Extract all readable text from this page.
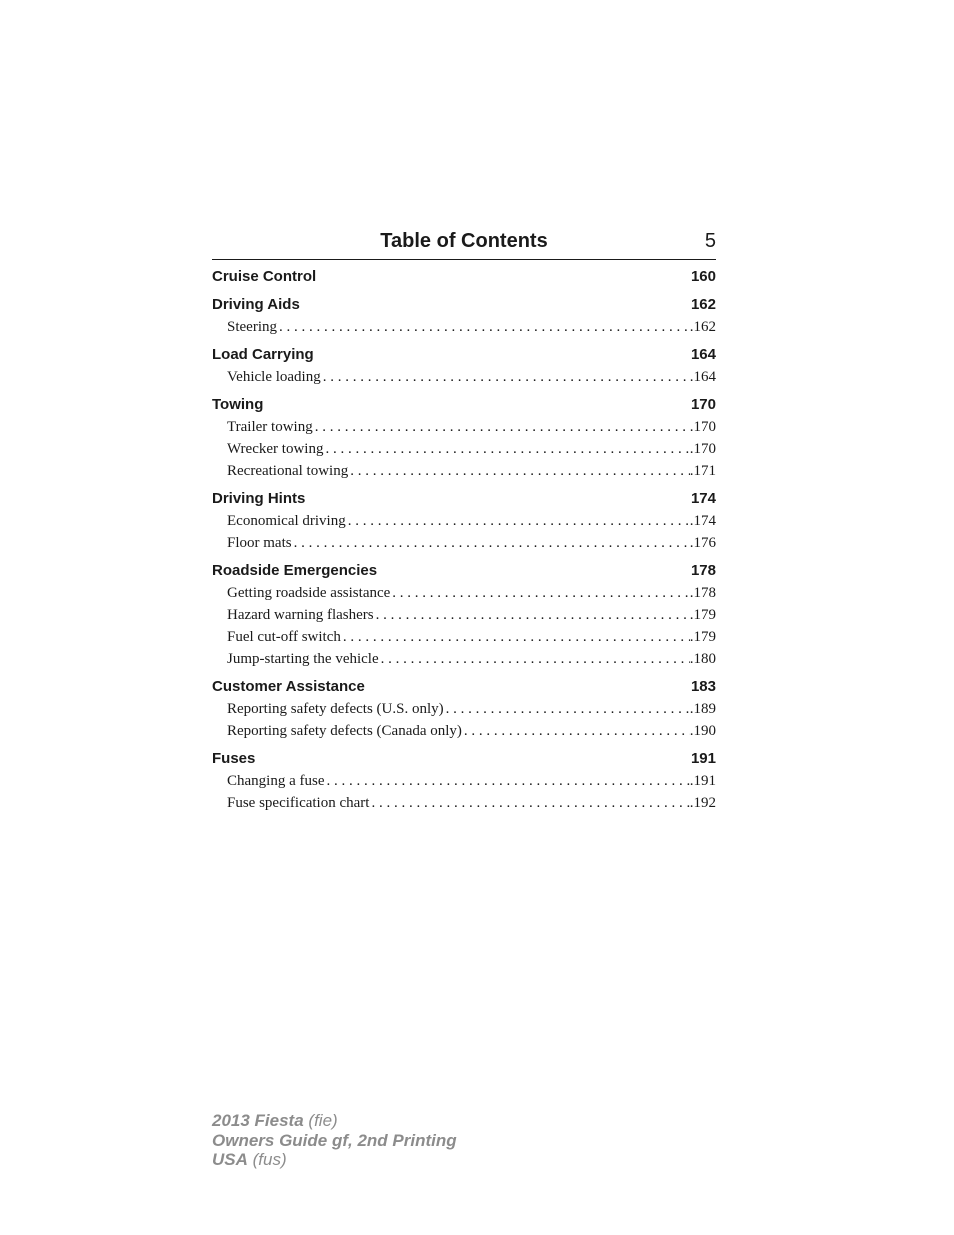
Table of Contents	5
Cruise Control	160
Driving Aids	162
Steering . . .	.162
Load Carrying	164
Vehicle loading . . .	.164
Towing	170
Trailer towing . . .	.170
Wrecker towing . . .	.170
Recreational towing . . .	.171
Driving Hints	174
Economical driving . . .	.174
Floor mats . . .	.176
Roadside Emergencies	178
Getting roadside assistance . . .	.178
Hazard warning flashers . . .	.179
Fuel cut-off switch . . .	.179
Jump-starting the vehicle . . .	.180
Customer Assistance	183
Reporting safety defects (U.S. only) . . .	.189
Reporting safety defects (Canada only) . . .	.190
Fuses	191
Changing a fuse . . .	.191
Fuse specification chart . . .	.192
2013 Fiesta (fie)
Owners Guide gf, 2nd Printing
USA (fus)
